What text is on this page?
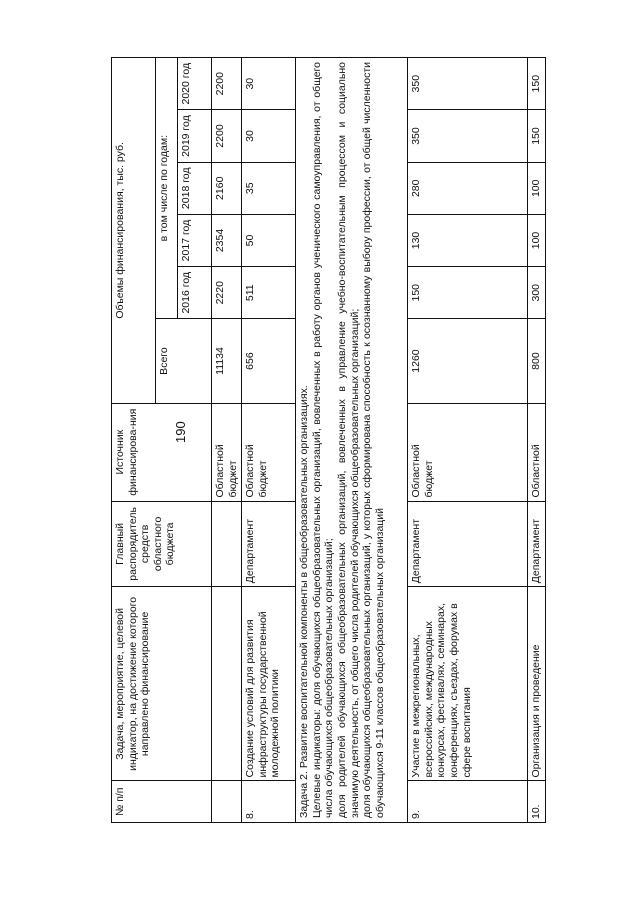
190
№ п/п	Задача, мероприятие, целевой индикатор, на достижение которого направлено финансирование	Главный распорядитель средств областного бюджета	Источник финансирова-ния	Объемы финансирования, тыс. руб.					
				Всего	в том числе по годам:				
					2016 год	2017 год	2018 год	2019 год	2020 год
			Областной бюджет	11134	2220	2354	2160	2200	2200
8.	Создание условий для развития инфраструктуры государственной молодежной политики	Департамент	Областной бюджет	656	511	50	35	30	30

Задача 2. Развитие воспитательной компоненты в общеобразовательных организациях. Целевые индикаторы: доля обучающихся общеобразовательных организаций, вовлеченных в работу органов ученического самоуправления, от общего числа обучающихся общеобразовательных организаций; доля родителей обучающихся общеобразовательных организаций, вовлеченных в управление учебно-воспитательным процессом и социально значимую деятельность, от общего числа родителей обучающихся общеобразовательных организаций; доля обучающихся общеобразовательных организаций, у которых сформирована способность к осознанному выбору профессии, от общей численности обучающихся 9-11 классов общеобразовательных организаций									

9.	Участие в межрегиональных, всероссийских, международных конкурсах, фестивалях, семинарах, конференциях, съездах, форумах в сфере воспитания	Департамент	Областной бюджет	1260	150	130	280	350	350
10.	Организация и проведение	Департамент	Областной	800	300	100	100	150	150
